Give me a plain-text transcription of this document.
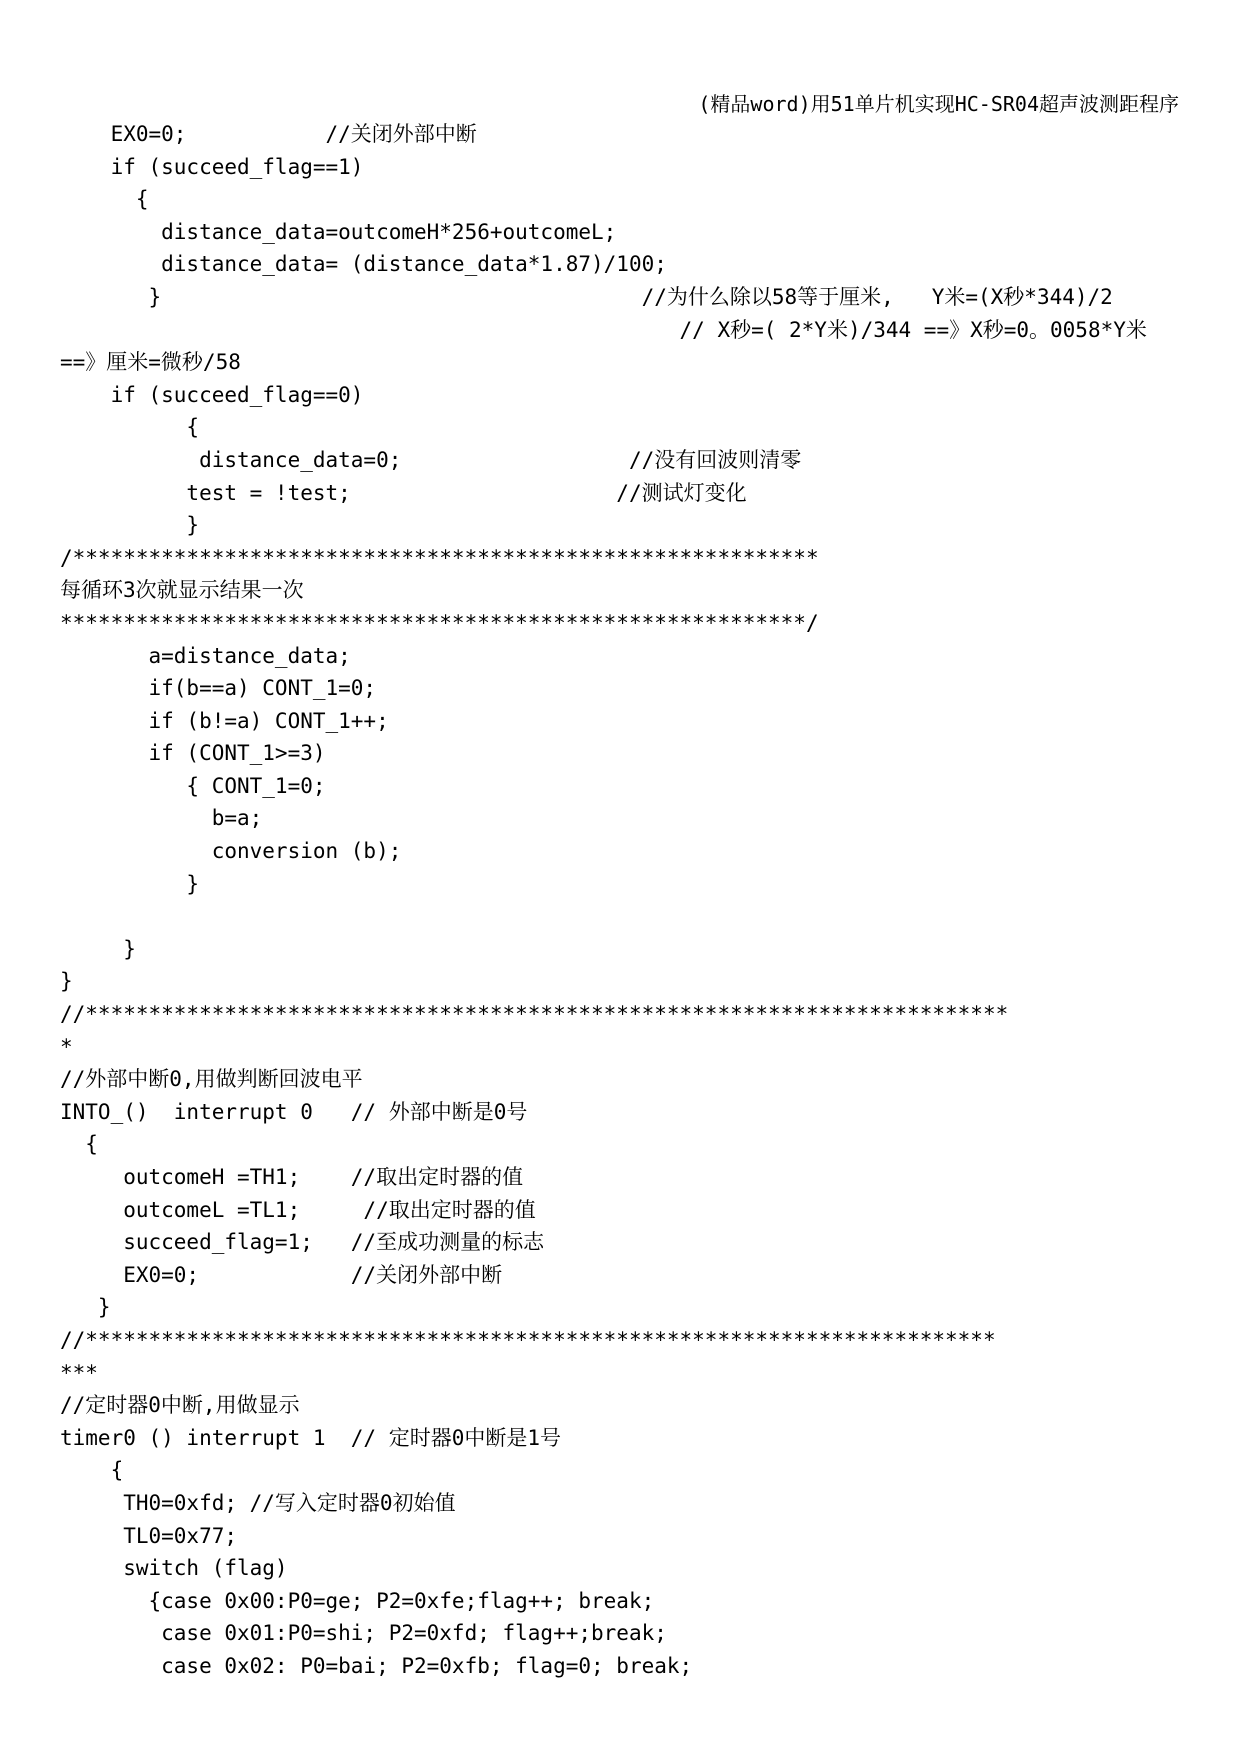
(精品word)用51单片机实现HC-SR04超声波测距程序
EX0=0;           //关闭外部中断
if (succeed_flag==1)
{
distance_data=outcomeH*256+outcomeL;
distance_data= (distance_data*1.87)/100;
}                                      //为什么除以58等于厘米,   Y米=(X秒*344)/2
// X秒=( 2*Y米)/344 ==》X秒=0。0058*Y米
==》厘米=微秒/58
if (succeed_flag==0)
{
distance_data=0;                  //没有回波则清零
test = !test;                     //测试灯变化
}
/***********************************************************
每循环3次就显示结果一次
***********************************************************/
a=distance_data;
if(b==a) CONT_1=0;
if (b!=a) CONT_1++;
if (CONT_1>=3)
{ CONT_1=0;
b=a;
conversion (b);
}
}
}
//*************************************************************************
*
//外部中断0,用做判断回波电平
INTO_()  interrupt 0   // 外部中断是0号
{
outcomeH =TH1;    //取出定时器的值
outcomeL =TL1;     //取出定时器的值
succeed_flag=1;   //至成功测量的标志
EX0=0;            //关闭外部中断
}
//************************************************************************
***
//定时器0中断,用做显示
timer0 () interrupt 1  // 定时器0中断是1号
{
TH0=0xfd; //写入定时器0初始值
TL0=0x77;
switch (flag)
{case 0x00:P0=ge; P2=0xfe;flag++; break;
case 0x01:P0=shi; P2=0xfd; flag++;break;
case 0x02: P0=bai; P2=0xfb; flag=0; break;
